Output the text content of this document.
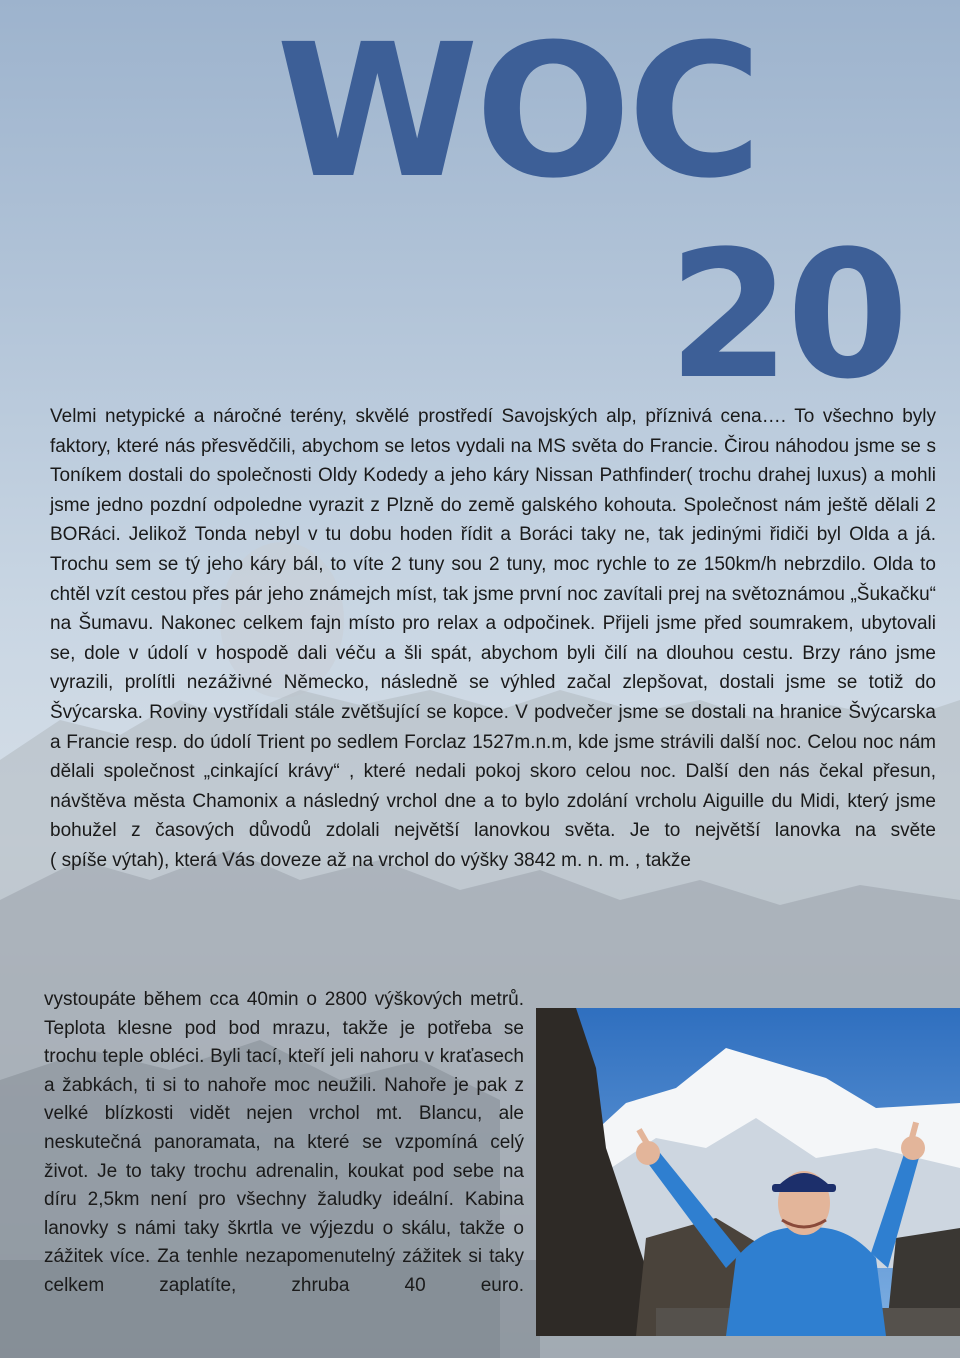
WOC
20

Velmi netypické a náročné terény, skvělé prostředí Savojských alp, příznivá cena…. To všechno byly faktory, které nás přesvědčili, abychom se letos vydali na MS světa do Francie. Čirou náhodou jsme se s Toníkem dostali do společnosti Oldy Kodedy a jeho káry Nissan Pathfinder( trochu drahej luxus) a mohli jsme jedno pozdní odpoledne vyrazit z Plzně do země galského kohouta. Společnost nám ještě dělali 2 BORáci. Jelikož Tonda nebyl v tu dobu hoden řídit a Boráci taky ne, tak jedinými řidiči byl Olda a já. Trochu sem se tý jeho káry bál, to víte 2 tuny sou 2 tuny, moc rychle to ze 150km/h nebrzdilo. Olda to chtěl vzít cestou přes pár jeho známejch míst, tak jsme první noc zavítali prej na světoznámou „Šukačku“ na Šumavu. Nakonec celkem fajn místo pro relax a odpočinek. Přijeli jsme před soumrakem, ubytovali se, dole v údolí v hospodě dali véču a šli spát, abychom byli čilí na dlouhou cestu. Brzy ráno jsme vyrazili, prolítli nezáživné Německo, následně se výhled začal zlepšovat, dostali jsme se totiž do Švýcarska. Roviny vystřídali stále zvětšující se kopce. V podvečer jsme se dostali na hranice Švýcarska a Francie resp. do údolí Trient po sedlem Forclaz 1527m.n.m, kde jsme strávili další noc. Celou noc nám dělali společnost „cinkající krávy“ , které nedali pokoj skoro celou noc. Další den nás čekal přesun, návštěva města Chamonix a následný vrchol dne a to bylo zdolání vrcholu Aiguille du Midi, který jsme bohužel z časových důvodů zdolali největší lanovkou světa. Je to největší lanovka na světe
( spíše výtah), která Vás doveze až na vrchol do výšky 3842 m. n. m. , takže

vystoupáte během cca 40min o 2800 výškových metrů. Teplota klesne pod bod mrazu, takže je potřeba se trochu teple obléci. Byli tací, kteří jeli nahoru v kraťasech a žabkách, ti si to nahoře moc neužili. Nahoře je pak z velké blízkosti vidět nejen vrchol mt. Blancu, ale neskutečná panoramata, na které se vzpomíná celý život. Je to taky trochu adrenalin, koukat pod sebe na díru 2,5km není pro všechny žaludky ideální. Kabina lanovky s námi taky škrtla ve výjezdu o skálu, takže o zážitek více. Za tenhle nezapomenutelný zážitek si taky celkem zaplatíte, zhruba 40 euro.
